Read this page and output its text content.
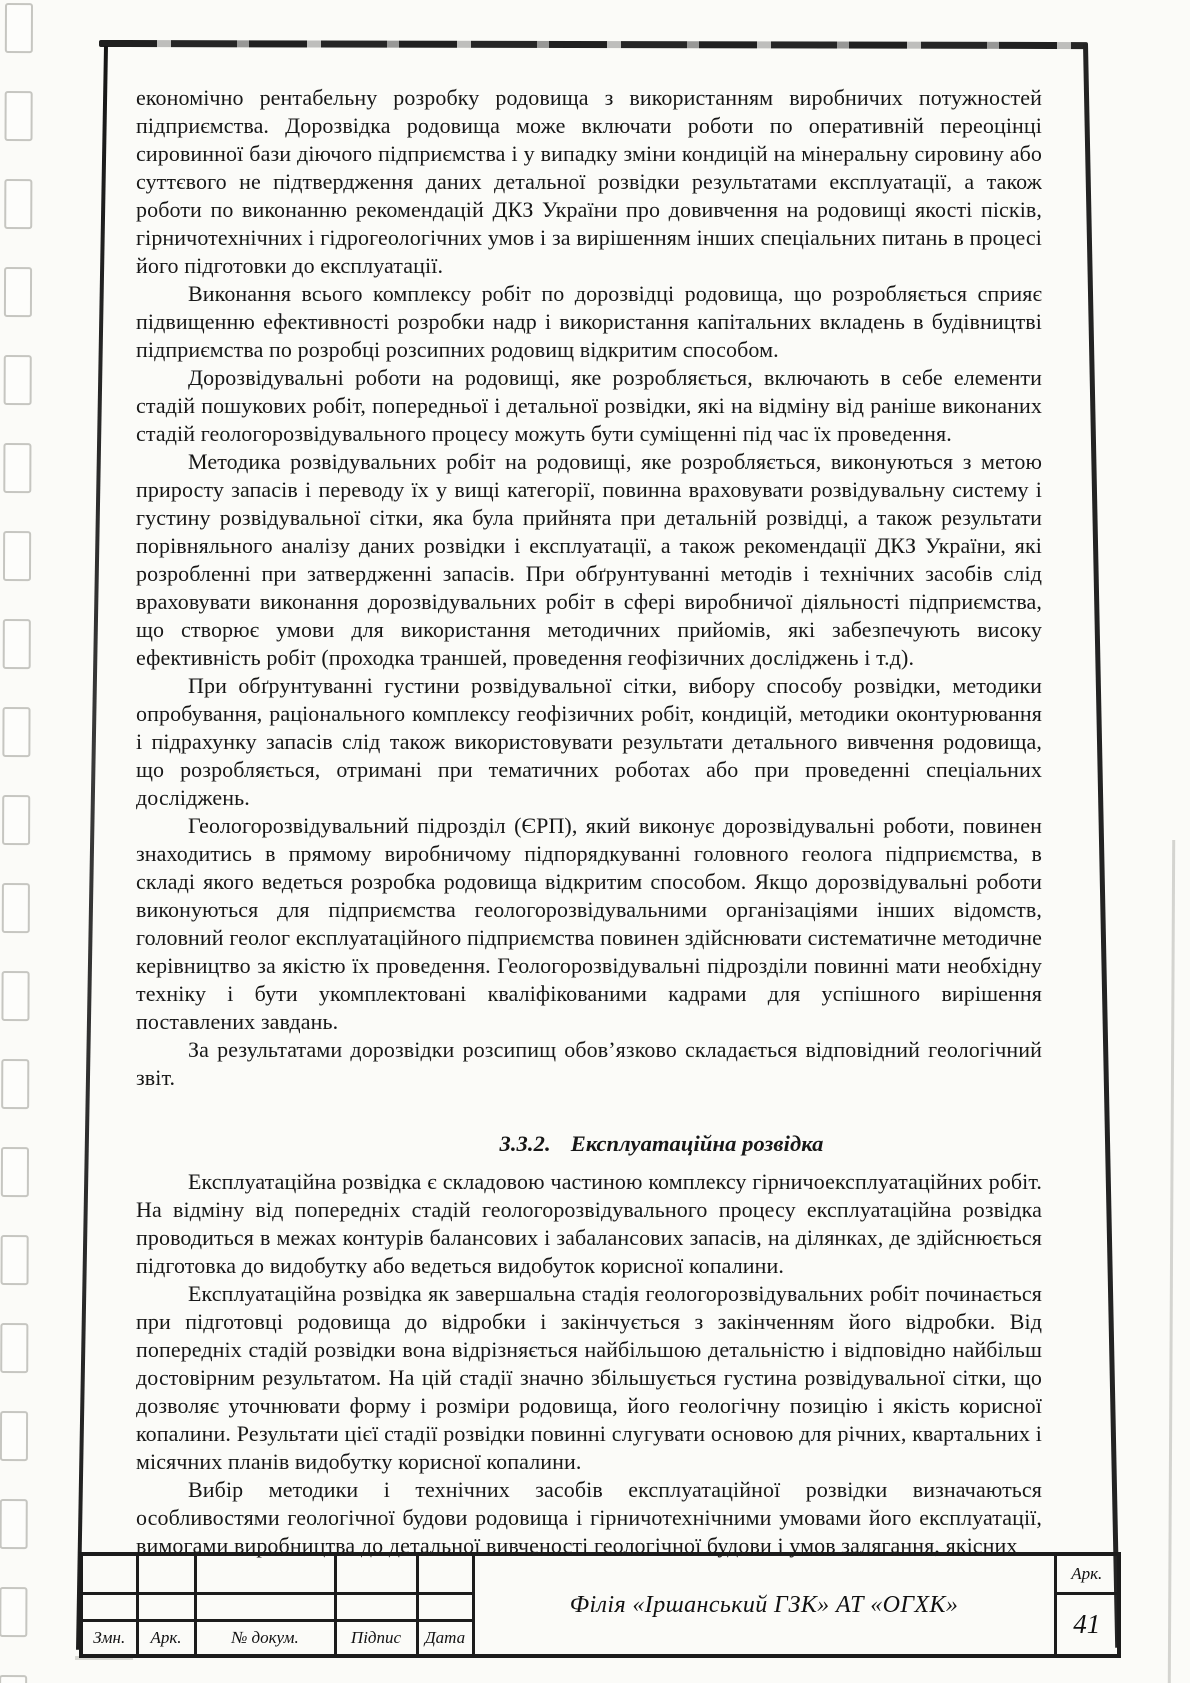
економічно рентабельну розробку родовища з використанням виробничих потужностей підприємства. Дорозвідка родовища може включати роботи по оперативній переоцінці сировинної бази діючого підприємства і у випадку зміни кондицій на мінеральну сировину або суттєвого не підтвердження даних детальної розвідки результатами експлуатації, а також роботи по виконанню рекомендацій ДКЗ України про довивчення на родовищі якості пісків, гірничотехнічних і гідрогеологічних умов і за вирішенням інших спеціальних питань в процесі його підготовки до експлуатації.

Виконання всього комплексу робіт по дорозвідці родовища, що розробляється сприяє підвищенню ефективності розробки надр і використання капітальних вкладень в будівництві підприємства по розробці розсипних родовищ відкритим способом.

Дорозвідувальні роботи на родовищі, яке розробляється, включають в себе елементи стадій пошукових робіт, попередньої і детальної розвідки, які на відміну від раніше виконаних стадій геологорозвідувального процесу можуть бути суміщенні під час їх проведення.

Методика розвідувальних робіт на родовищі, яке розробляється, виконуються з метою приросту запасів і переводу їх у вищі категорії, повинна враховувати розвідувальну систему і густину розвідувальної сітки, яка була прийнята при детальній розвідці, а також результати порівняльного аналізу даних розвідки і експлуатації, а також рекомендації ДКЗ України, які розробленні при затвердженні запасів. При обґрунтуванні методів і технічних засобів слід враховувати виконання дорозвідувальних робіт в сфері виробничої діяльності підприємства, що створює умови для використання методичних прийомів, які забезпечують високу ефективність робіт (проходка траншей, проведення геофізичних досліджень і т.д).

При обґрунтуванні густини розвідувальної сітки, вибору способу розвідки, методики опробування, раціонального комплексу геофізичних робіт, кондицій, методики оконтурювання і підрахунку запасів слід також використовувати результати детального вивчення родовища, що розробляється, отримані при тематичних роботах або при проведенні спеціальних досліджень.

Геологорозвідувальний підрозділ (ЄРП), який виконує дорозвідувальні роботи, повинен знаходитись в прямому виробничому підпорядкуванні головного геолога підприємства, в складі якого ведеться розробка родовища відкритим способом. Якщо дорозвідувальні роботи виконуються для підприємства геологорозвідувальними організаціями інших відомств, головний геолог експлуатаційного підприємства повинен здійснювати систематичне методичне керівництво за якістю їх проведення. Геологорозвідувальні підрозділи повинні мати необхідну техніку і бути укомплектовані кваліфікованими кадрами для успішного вирішення поставлених завдань.

За результатами дорозвідки розсипищ обов’язково складається відповідний геологічний звіт.

3.3.2. Експлуатаційна розвідка

Експлуатаційна розвідка є складовою частиною комплексу гірничоексплуатаційних робіт. На відміну від попередніх стадій геологорозвідувального процесу експлуатаційна розвідка проводиться в межах контурів балансових і забалансових запасів, на ділянках, де здійснюється підготовка до видобутку або ведеться видобуток корисної копалини.

Експлуатаційна розвідка як завершальна стадія геологорозвідувальних робіт починається при підготовці родовища до відробки і закінчується з закінченням його відробки. Від попередніх стадій розвідки вона відрізняється найбільшою детальністю і відповідно найбільш достовірним результатом. На цій стадії значно збільшується густина розвідувальної сітки, що дозволяє уточнювати форму і розміри родовища, його геологічну позицію і якість корисної копалини. Результати цієї стадії розвідки повинні слугувати основою для річних, квартальних і місячних планів видобутку корисної копалини.

Вибір методики і технічних засобів експлуатаційної розвідки визначаються особливостями геологічної будови родовища і гірничотехнічними умовами його експлуатації, вимогами виробництва до детальної вивченості геологічної будови і умов залягання, якісних

					Філія «Іршанський ГЗК» АТ «ОГХК»	Арк.
						41
Змн.	Арк.	№ докум.	Підпис	Дата		
